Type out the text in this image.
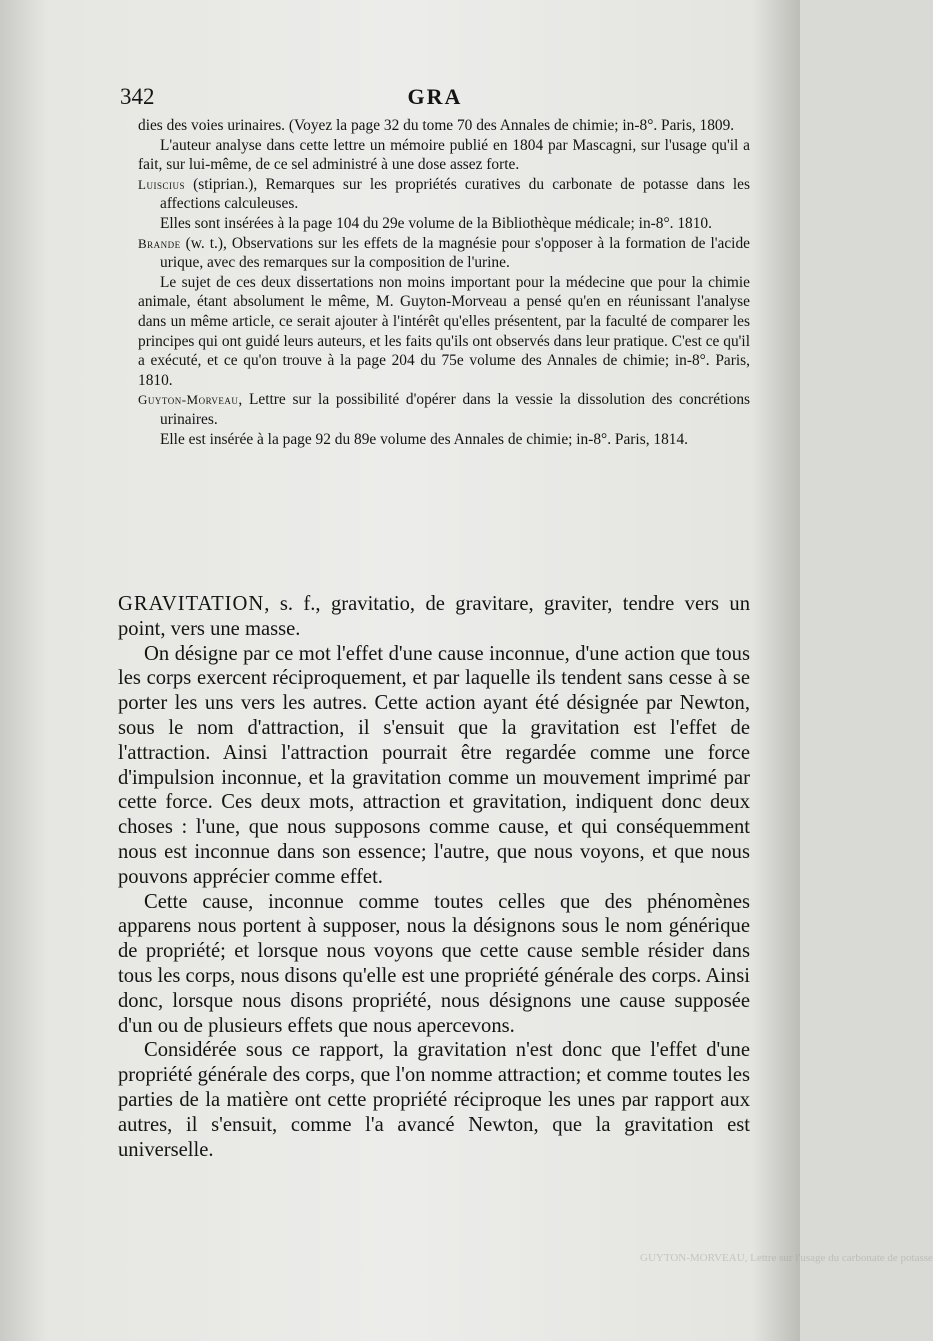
342	GRA

dies des voies urinaires. (Voyez la page 32 du tome 70 des Annales de chimie; in-8°. Paris, 1809.

L'auteur analyse dans cette lettre un mémoire publié en 1804 par Mascagni, sur l'usage qu'il a fait, sur lui-même, de ce sel administré à une dose assez forte.

Luiscius (stiprian.), Remarques sur les propriétés curatives du carbonate de potasse dans les affections calculeuses.

Elles sont insérées à la page 104 du 29e volume de la Bibliothèque médicale; in-8°. 1810.

Brande (w. t.), Observations sur les effets de la magnésie pour s'opposer à la formation de l'acide urique, avec des remarques sur la composition de l'urine.

Le sujet de ces deux dissertations non moins important pour la médecine que pour la chimie animale, étant absolument le même, M. Guyton-Morveau a pensé qu'en en réunissant l'analyse dans un même article, ce serait ajouter à l'intérêt qu'elles présentent, par la faculté de comparer les principes qui ont guidé leurs auteurs, et les faits qu'ils ont observés dans leur pratique. C'est ce qu'il a exécuté, et ce qu'on trouve à la page 204 du 75e volume des Annales de chimie; in-8°. Paris, 1810.

Guyton-Morveau, Lettre sur la possibilité d'opérer dans la vessie la dissolution des concrétions urinaires.

Elle est insérée à la page 92 du 89e volume des Annales de chimie; in-8°. Paris, 1814.

GRAVITATION, s. f., gravitatio, de gravitare, graviter, tendre vers un point, vers une masse.

On désigne par ce mot l'effet d'une cause inconnue, d'une action que tous les corps exercent réciproquement, et par laquelle ils tendent sans cesse à se porter les uns vers les autres. Cette action ayant été désignée par Newton, sous le nom d'attraction, il s'ensuit que la gravitation est l'effet de l'attraction. Ainsi l'attraction pourrait être regardée comme une force d'impulsion inconnue, et la gravitation comme un mouvement imprimé par cette force. Ces deux mots, attraction et gravitation, indiquent donc deux choses : l'une, que nous supposons comme cause, et qui conséquemment nous est inconnue dans son essence; l'autre, que nous voyons, et que nous pouvons apprécier comme effet.

Cette cause, inconnue comme toutes celles que des phénomènes apparens nous portent à supposer, nous la désignons sous le nom générique de propriété; et lorsque nous voyons que cette cause semble résider dans tous les corps, nous disons qu'elle est une propriété générale des corps. Ainsi donc, lorsque nous disons propriété, nous désignons une cause supposée d'un ou de plusieurs effets que nous apercevons.

Considérée sous ce rapport, la gravitation n'est donc que l'effet d'une propriété générale des corps, que l'on nomme attraction; et comme toutes les parties de la matière ont cette propriété réciproque les unes par rapport aux autres, il s'ensuit, comme l'a avancé Newton, que la gravitation est universelle.

GUYTON-MORVEAU, Lettre sur l'usage du carbonate de potasse
